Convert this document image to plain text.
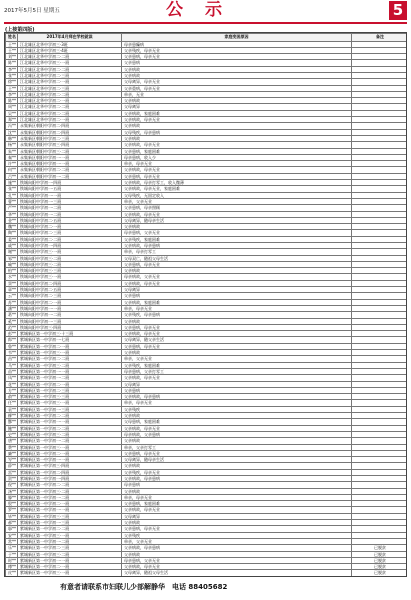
2017年5月5日 星期五	公示	5
(上接第四版)
姓名	2017年4月拜在学校就读	家庭变困原因	备注
王**	江北雄区北华中学初三·3班	母亲患癫病	
王**	江北雄区北华中学初三·4班	父亲残疾，母亲无业	
刘**	江北雄区北华中学初二·二班	父亲患病，母亲无业	
陈**	江北雄区北华中学初三·一班	父亲患病	
李**	江北雄区北华中学初二·二班	父亲病故	
张**	江北雄区北华中学初二·三班	父亲病故	
徐**	江北雄区北华中学初二·一班	父母离异，母亲无业	
王**	江北雄区北华中学初二·三班	父亲重病，母亲无业	
李**	江北雄区北华中学初二·二班	单亲，无业	
陈**	江北雄区北华中学初二·一班	父亲病故	
周**	江北雄区北华中学初二·二班	父母离异	
吴**	江北雄区北华中学初二·二班	父亲病故，家庭困难	
郑**	江北雄区北华中学初二·一班	父亲病故，母亲无业	
冯**	永集新区朝阳中学初二·四班	父亲病故	
沈**	永集新区朝阳中学初二·四班	父母残疾，母亲患病	
韩**	永集新区朝阳中学初二·三班	父亲病故	
杨**	永集新区朝阳中学初三·四班	父亲病故，母亲无业	
朱**	永集新区朝阳中学初三·二班	父亲患病，家庭困难	
秦**	永集新区朝阳中学初一·一班	母亲患病，收入少	
许**	永集新区朝阳中学初一·一班	单亲，母亲无业	
何**	永集新区朝阳中学初二·二班	父亲病故，母亲无业	
吕**	永集新区朝阳中学初一·二班	父亲患病，母亲无业	
施**	铁城向阳中学初一·四班	父亲病故，母亲打零工，收入微薄	
张**	铁城向阳中学初一·五班	父亲病故，母亲无业，家庭困难	
孔**	铁城向阳中学初一·一班	父母残疾，无固定收入	
曹**	铁城向阳中学初一·三班	单亲，父亲无业	
严**	铁城向阳中学初一·二班	父亲患病，母亲照顾	
华**	铁城向阳中学初一·二班	父亲病故，母亲无业	
金**	铁城向阳中学初二·五班	父母离异，随母亲生活	
魏**	铁城向阳中学初二·一班	父亲病故	
陶**	铁城向阳中学初二·三班	母亲患病，父亲无业	
姜**	铁城向阳中学初二·二班	父亲残疾，家庭困难	
戚**	铁城向阳中学初一·四班	父亲病故，母亲患病	
谢**	铁城向阳中学初三·一班	单亲，母亲打零工	
邹**	铁城向阳中学初三·二班	父母双亡，随祖父母生活	
喻**	铁城向阳中学初三·二班	父亲患病，母亲无业	
柏**	铁城向阳中学初三·三班	父亲病故	
水**	铁城向阳中学初三·一班	母亲病故，父亲无业	
窦**	铁城向阳中学初二·四班	父亲病故，母亲无业	
章**	铁城向阳中学初二·五班	父母离异	
云**	铁城向阳中学初二·三班	父亲患病	
苏**	铁城向阳中学初二·一班	父亲病故，家庭困难	
潘**	铁城向阳中学初一·一班	单亲，母亲无业	
葛**	铁城向阳中学初一·二班	父亲残疾，母亲患病	
奚**	铁城向阳中学初一·三班	父亲病故	
范**	铁城向阳中学初三·四班	父亲患病，母亲无业	
彭**	紫城新区第一中学初三·十三班	父亲病故，母亲无业	
郎**	紫城新区第一中学初一·七班	父母离异，随父亲生活	
鲁**	紫城新区第一中学初二·一班	父亲患病，母亲无业	
韦**	紫城新区第一中学初三·一班	父亲病故	
昌**	紫城新区第一中学初二·二班	单亲，父亲无业	
马**	紫城新区第一中学初三·二班	父亲残疾，家庭困难	
苗**	紫城新区第一中学初一·一班	母亲患病，父亲打零工	
凤**	紫城新区第一中学初一·二班	父亲病故，母亲无业	
花**	紫城新区第一中学初二·一班	父母离异	
方**	紫城新区第一中学初二·三班	父亲患病	
俞**	紫城新区第一中学初三·三班	父亲病故，母亲患病	
任**	紫城新区第一中学初三·一班	单亲，母亲无业	
袁**	紫城新区第一中学初一·三班	父亲残疾	
柳**	紫城新区第一中学初二·二班	父亲病故	
酆**	紫城新区第一中学初一·一班	父母患病，家庭困难	
鲍**	紫城新区第一中学初二·二班	父亲病故，母亲无业	
史**	紫城新区第一中学初三·二班	母亲病故，父亲患病	
唐**	紫城新区第一中学初一·二班	父亲病故	
费**	紫城新区第一中学初三·一班	单亲，父亲打零工	
廉**	紫城新区第一中学初二·一班	父亲患病，母亲无业	
岑**	紫城新区第一中学初一·一班	父母离异，随母亲生活	
薛**	紫城新区第一中学初三·四班	父亲病故	
雷**	紫城新区第一中学初二·四班	父亲残疾，母亲无业	
贺**	紫城新区第一中学初一·四班	父亲病故，母亲患病	
倪**	紫城新区第一中学初二·二班	母亲患病	
汤**	紫城新区第一中学初三·二班	父亲病故	
滕**	紫城新区第一中学初一·二班	单亲，母亲无业	
殷**	紫城新区第一中学初二·一班	父亲患病，家庭困难	
罗**	紫城新区第一中学初一·一班	父亲病故，母亲无业	
毕**	紫城新区第一中学初三·三班	父母离异	
郝**	紫城新区第一中学初一·三班	父亲病故	
邬**	紫城新区第一中学初二·二班	父亲患病，母亲无业	
安**	紫城新区第一中学初三·一班	父亲残疾	
常**	紫城新区第一中学初一·二班	单亲，父亲无业	
乐**	紫城新区第一中学初二·三班	父亲病故，母亲患病	已脱贫
于**	紫城新区第一中学初三·二班	父亲病故	已脱贫
时**	紫城新区第一中学初一·一班	母亲患病，父亲无业	已脱贫
傅**	紫城新区第一中学初二·一班	父亲病故，母亲无业	已脱贫
皮**	紫城新区第一中学初三·一班	父母离异，随祖父母生活	已脱贫

有意者请联系市妇联儿少部解静华　电话 88405682
